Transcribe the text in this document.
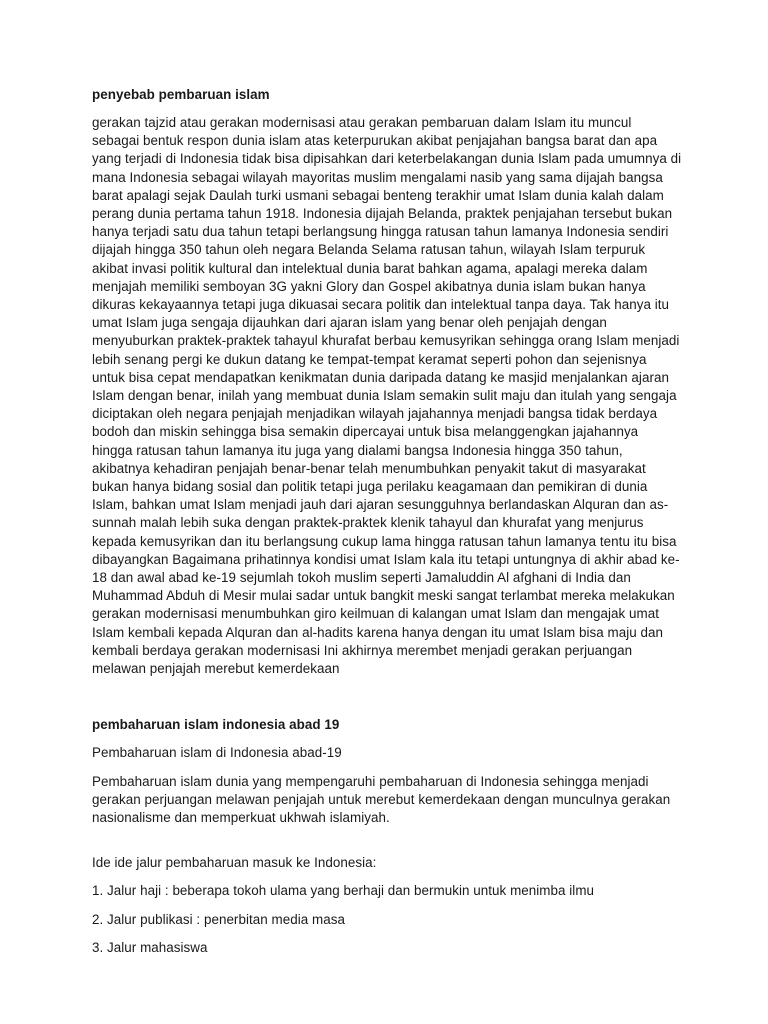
penyebab pembaruan islam

gerakan tajzid atau gerakan modernisasi atau gerakan pembaruan dalam Islam itu muncul sebagai bentuk respon dunia islam atas keterpurukan akibat penjajahan bangsa barat dan apa yang terjadi di Indonesia tidak bisa dipisahkan dari keterbelakangan dunia Islam pada umumnya di mana Indonesia sebagai wilayah mayoritas muslim mengalami nasib yang sama dijajah bangsa barat apalagi sejak Daulah turki usmani sebagai benteng terakhir umat Islam dunia kalah dalam perang dunia pertama tahun 1918. Indonesia dijajah Belanda, praktek penjajahan tersebut bukan hanya terjadi satu dua tahun tetapi berlangsung hingga ratusan tahun lamanya Indonesia sendiri dijajah hingga 350 tahun oleh negara Belanda Selama ratusan tahun, wilayah Islam terpuruk akibat invasi politik kultural dan intelektual dunia barat bahkan agama, apalagi mereka dalam menjajah memiliki semboyan 3G yakni Glory dan Gospel akibatnya dunia islam bukan hanya dikuras kekayaannya tetapi juga dikuasai secara politik dan intelektual tanpa daya. Tak hanya itu umat Islam juga sengaja dijauhkan dari ajaran islam yang benar oleh penjajah dengan menyuburkan praktek-praktek tahayul khurafat berbau kemusyrikan sehingga orang Islam menjadi lebih senang pergi ke dukun datang ke tempat-tempat keramat seperti pohon dan sejenisnya untuk bisa cepat mendapatkan kenikmatan dunia daripada datang ke masjid menjalankan ajaran Islam dengan benar, inilah yang membuat dunia Islam semakin sulit maju dan itulah yang sengaja diciptakan oleh negara penjajah menjadikan wilayah jajahannya menjadi bangsa tidak berdaya bodoh dan miskin sehingga bisa semakin dipercayai untuk bisa melanggengkan jajahannya hingga ratusan tahun lamanya itu juga yang dialami bangsa Indonesia hingga 350 tahun, akibatnya kehadiran penjajah benar-benar telah menumbuhkan penyakit takut di masyarakat bukan hanya bidang sosial dan politik tetapi juga perilaku keagamaan dan pemikiran di dunia Islam, bahkan umat Islam menjadi jauh dari ajaran sesungguhnya berlandaskan Alquran dan as-sunnah malah lebih suka dengan praktek-praktek klenik tahayul dan khurafat yang menjurus kepada kemusyrikan dan itu berlangsung cukup lama hingga ratusan tahun lamanya tentu itu bisa dibayangkan Bagaimana prihatinnya kondisi umat Islam kala itu tetapi untungnya di akhir abad ke-18 dan awal abad ke-19 sejumlah tokoh muslim seperti Jamaluddin Al afghani di India dan Muhammad Abduh di Mesir mulai sadar untuk bangkit meski sangat terlambat mereka melakukan gerakan modernisasi menumbuhkan giro keilmuan di kalangan umat Islam dan mengajak umat Islam kembali kepada Alquran dan al-hadits karena hanya dengan itu umat Islam bisa maju dan kembali berdaya gerakan modernisasi Ini akhirnya merembet menjadi gerakan perjuangan melawan penjajah merebut kemerdekaan

pembaharuan islam indonesia abad 19

Pembaharuan islam di Indonesia abad-19

Pembaharuan islam dunia yang mempengaruhi pembaharuan di Indonesia sehingga menjadi gerakan perjuangan melawan penjajah untuk merebut kemerdekaan dengan munculnya gerakan nasionalisme dan memperkuat ukhwah islamiyah.

Ide ide jalur pembaharuan masuk ke Indonesia:

1. Jalur haji : beberapa tokoh ulama yang berhaji dan bermukin untuk menimba ilmu

2. Jalur publikasi : penerbitan media masa

3. Jalur mahasiswa
